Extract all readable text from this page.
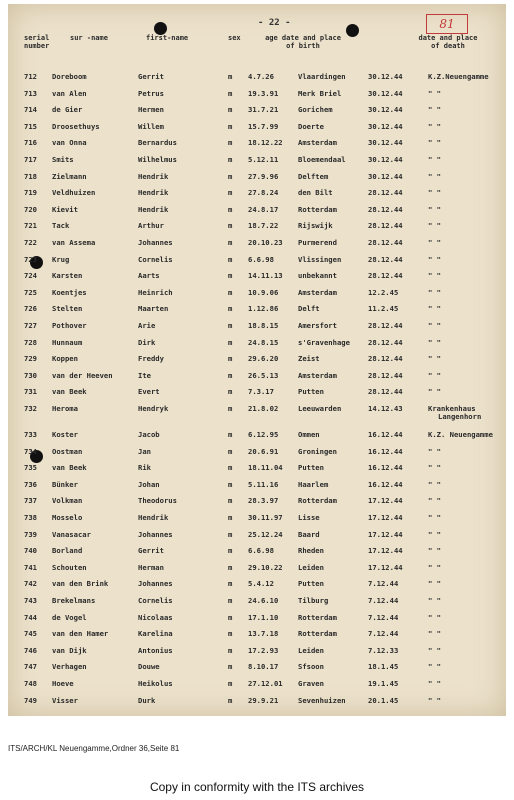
- 22 -	81
serial
number
sur -name	first-name	sex	age date and place
of birth
date and place
of death
712 Doreboom	Gerrit	m 4.7.26	Vlaardingen	30.12.44	K.Z.Neuengamme
713 van Alen	Petrus	m 19.3.91	Merk Briel	30.12.44	" "
714 de Gier	Hermen	m 31.7.21	Gorichem	30.12.44	" "
715 Droosethuys	Willem	m 15.7.99	Doerte	30.12.44	" "
716 van Onna	Bernardus	m 18.12.22 Amsterdam	30.12.44	" "
717 Smits	Wilhelmus	m 5.12.11	Bloemendaal	30.12.44	" "
718 Zielmann	Hendrik	m 27.9.96	Delftem	30.12.44	" "
719 Veldhuizen	Hendrik	m 27.8.24	den Bilt	28.12.44	" "
720 Kievit	Hendrik	m 24.8.17	Rotterdam	28.12.44	" "
721 Tack	Arthur	m 18.7.22	Rijswijk	28.12.44	" "
722 van Assema	Johannes	m 20.10.23 Purmerend	28.12.44	" "
723 Krug	Cornelis	m 6.6.98	Vlissingen	28.12.44	" "
724 Karsten	Aarts	m 14.11.13 unbekannt	28.12.44	" "
725 Koentjes	Heinrich	m 10.9.06	Amsterdam	12.2.45	" "
726 Stelten	Maarten	m 1.12.86	Delft	11.2.45	" "
727 Pothover	Arie	m 18.8.15	Amersfort	28.12.44	" "
728 Hunnaum	Dirk	m 24.8.15	s'Gravenhage	28.12.44	" "
729 Koppen	Freddy	m 29.6.20	Zeist	28.12.44	" "
730 van der Heeven	Ite	m 26.5.13	Amsterdam	28.12.44	" "
731 van Beek	Evert	m 7.3.17	Putten	28.12.44	" "
732 Heroma	Hendryk	m 21.8.02	Leeuwarden	14.12.43	Krankenhaus
Langenhorn
733 Koster	Jacob	m 6.12.95	Ommen	16.12.44	K.Z. Neuengamme
734 Oostman	Jan	m 20.6.91	Groningen	16.12.44	" "
735 van Beek	Rik	m 18.11.04 Putten	16.12.44	" "
736 Bünker	Johan	m 5.11.16	Haarlem	16.12.44	" "
737 Volkman	Theodorus	m 28.3.97	Rotterdam	17.12.44	" "
738 Mosselo	Hendrik	m 30.11.97 Lisse	17.12.44	" "
739 Vanasacar	Johannes	m 25.12.24 Baard	17.12.44	" "
740 Borland	Gerrit	m 6.6.98	Rheden	17.12.44	" "
741 Schouten	Herman	m 29.10.22 Leiden	17.12.44	" "
742 van den Brink	Johannes	m 5.4.12	Putten	7.12.44	" "
743 Brekelmans	Cornelis	m 24.6.10	Tilburg	7.12.44	" "
744 de Vogel	Nicolaas	m 17.1.10	Rotterdam	7.12.44	" "
745 van den Hamer	Karelina	m 13.7.18	Rotterdam	7.12.44	" "
746 van Dijk	Antonius	m 17.2.93	Leiden	7.12.33	" "
747 Verhagen	Douwe	m 8.10.17	Sfsoon	18.1.45	" "
748 Hoeve	Heikolus	m 27.12.01 Graven	19.1.45	" "
749 Visser	Durk	m 29.9.21	Sevenhuizen	20.1.45	" "
ITS/ARCH/KL Neuengamme,Ordner 36,Seite 81
Copy in conformity with the ITS archives
